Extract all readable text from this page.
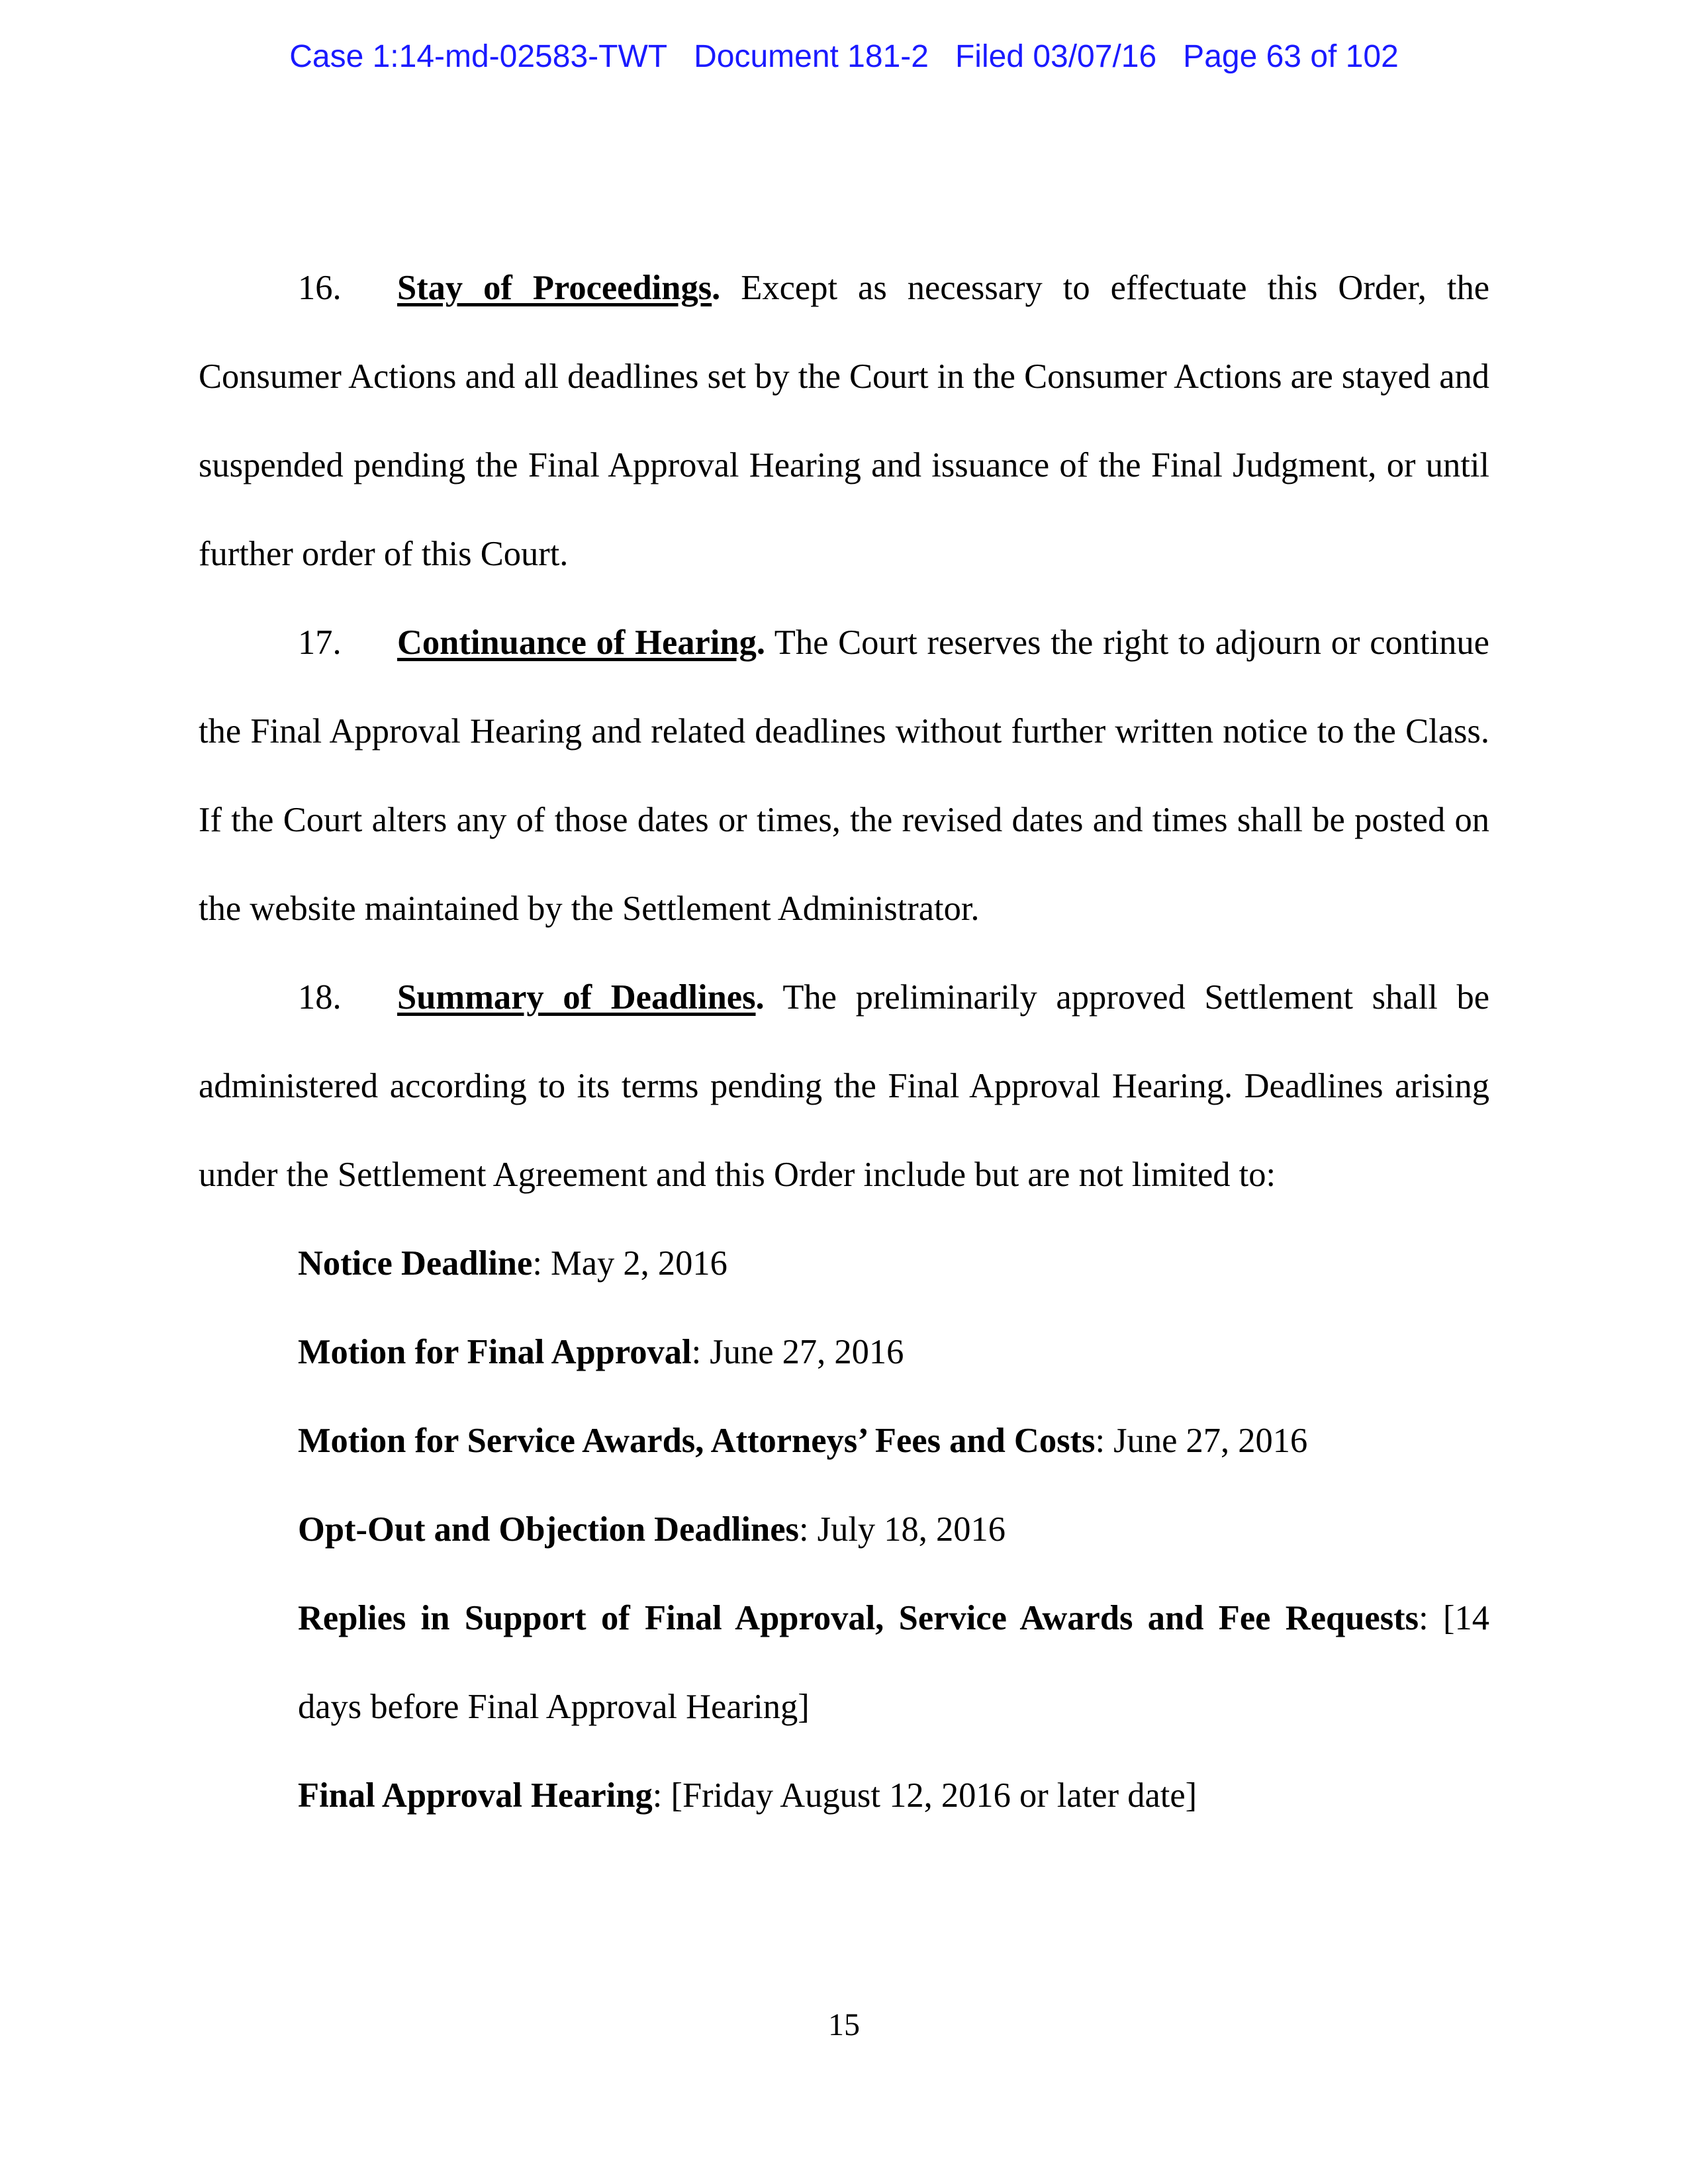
Case 1:14-md-02583-TWT Document 181-2 Filed 03/07/16 Page 63 of 102

16. Stay of Proceedings. Except as necessary to effectuate this Order, the Consumer Actions and all deadlines set by the Court in the Consumer Actions are stayed and suspended pending the Final Approval Hearing and issuance of the Final Judgment, or until further order of this Court.

17. Continuance of Hearing. The Court reserves the right to adjourn or continue the Final Approval Hearing and related deadlines without further written notice to the Class. If the Court alters any of those dates or times, the revised dates and times shall be posted on the website maintained by the Settlement Administrator.

18. Summary of Deadlines. The preliminarily approved Settlement shall be administered according to its terms pending the Final Approval Hearing. Deadlines arising under the Settlement Agreement and this Order include but are not limited to:

Notice Deadline: May 2, 2016

Motion for Final Approval: June 27, 2016

Motion for Service Awards, Attorneys’ Fees and Costs: June 27, 2016

Opt-Out and Objection Deadlines: July 18, 2016

Replies in Support of Final Approval, Service Awards and Fee Requests: [14 days before Final Approval Hearing]

Final Approval Hearing: [Friday August 12, 2016 or later date]

15
